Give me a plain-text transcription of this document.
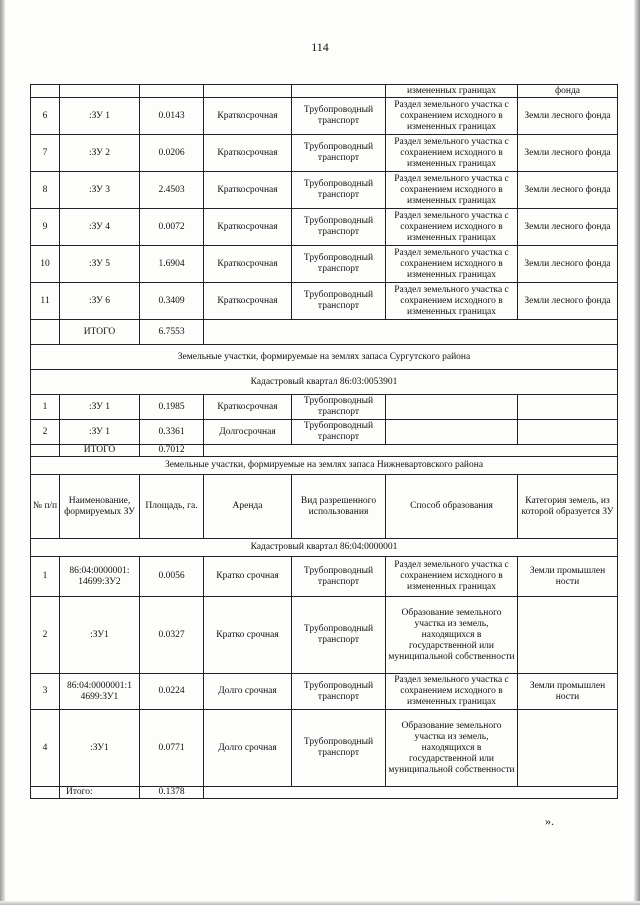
114
					измененных границах	фонда
6	:ЗУ 1	0.0143	Краткосрочная	Трубопроводный транспорт	Раздел земельного участка с сохранением исходного в измененных границах	Земли лесного фонда
7	:ЗУ 2	0.0206	Краткосрочная	Трубопроводный транспорт	Раздел земельного участка с сохранением исходного в измененных границах	Земли лесного фонда
8	:ЗУ 3	2.4503	Краткосрочная	Трубопроводный транспорт	Раздел земельного участка с сохранением исходного в измененных границах	Земли лесного фонда
9	:ЗУ 4	0.0072	Краткосрочная	Трубопроводный транспорт	Раздел земельного участка с сохранением исходного в измененных границах	Земли лесного фонда
10	:ЗУ 5	1.6904	Краткосрочная	Трубопроводный транспорт	Раздел земельного участка с сохранением исходного в измененных границах	Земли лесного фонда
11	:ЗУ 6	0.3409	Краткосрочная	Трубопроводный транспорт	Раздел земельного участка с сохранением исходного в измененных границах	Земли лесного фонда
	ИТОГО	6.7553				
Земельные участки, формируемые на землях запаса Сургутского района						
Кадастровый квартал 86:03:0053901						
1	:ЗУ 1	0.1985	Краткосрочная	Трубопроводный транспорт		
2	:ЗУ 1	0.3361	Долгосрочная	Трубопроводный транспорт		
	ИТОГО	0.7012				
Земельные участки, формируемые на землях запаса Нижневартовского района						
№ п/п	Наименование, формируемых ЗУ	Площадь, га.	Аренда	Вид разрешенного использования	Способ образования	Категория земель, из которой образуется ЗУ
Кадастровый квартал 86:04:0000001						
1	86:04:0000001: 14699:ЗУ2	0.0056	Кратко срочная	Трубопроводный транспорт	Раздел земельного участка с сохранением исходного в измененных границах	Земли промышлен ности
2	:ЗУ1	0.0327	Кратко срочная	Трубопроводный транспорт	Образование земельного участка из земель, находящихся в государственной или муниципальной собственности	
3	86:04:0000001:1 4699:ЗУ1	0.0224	Долго срочная	Трубопроводный транспорт	Раздел земельного участка с сохранением исходного в измененных границах	Земли промышлен ности
4	:ЗУ1	0.0771	Долго срочная	Трубопроводный транспорт	Образование земельного участка из земель, находящихся в государственной или муниципальной собственности	
	Итого:	0.1378				
».
